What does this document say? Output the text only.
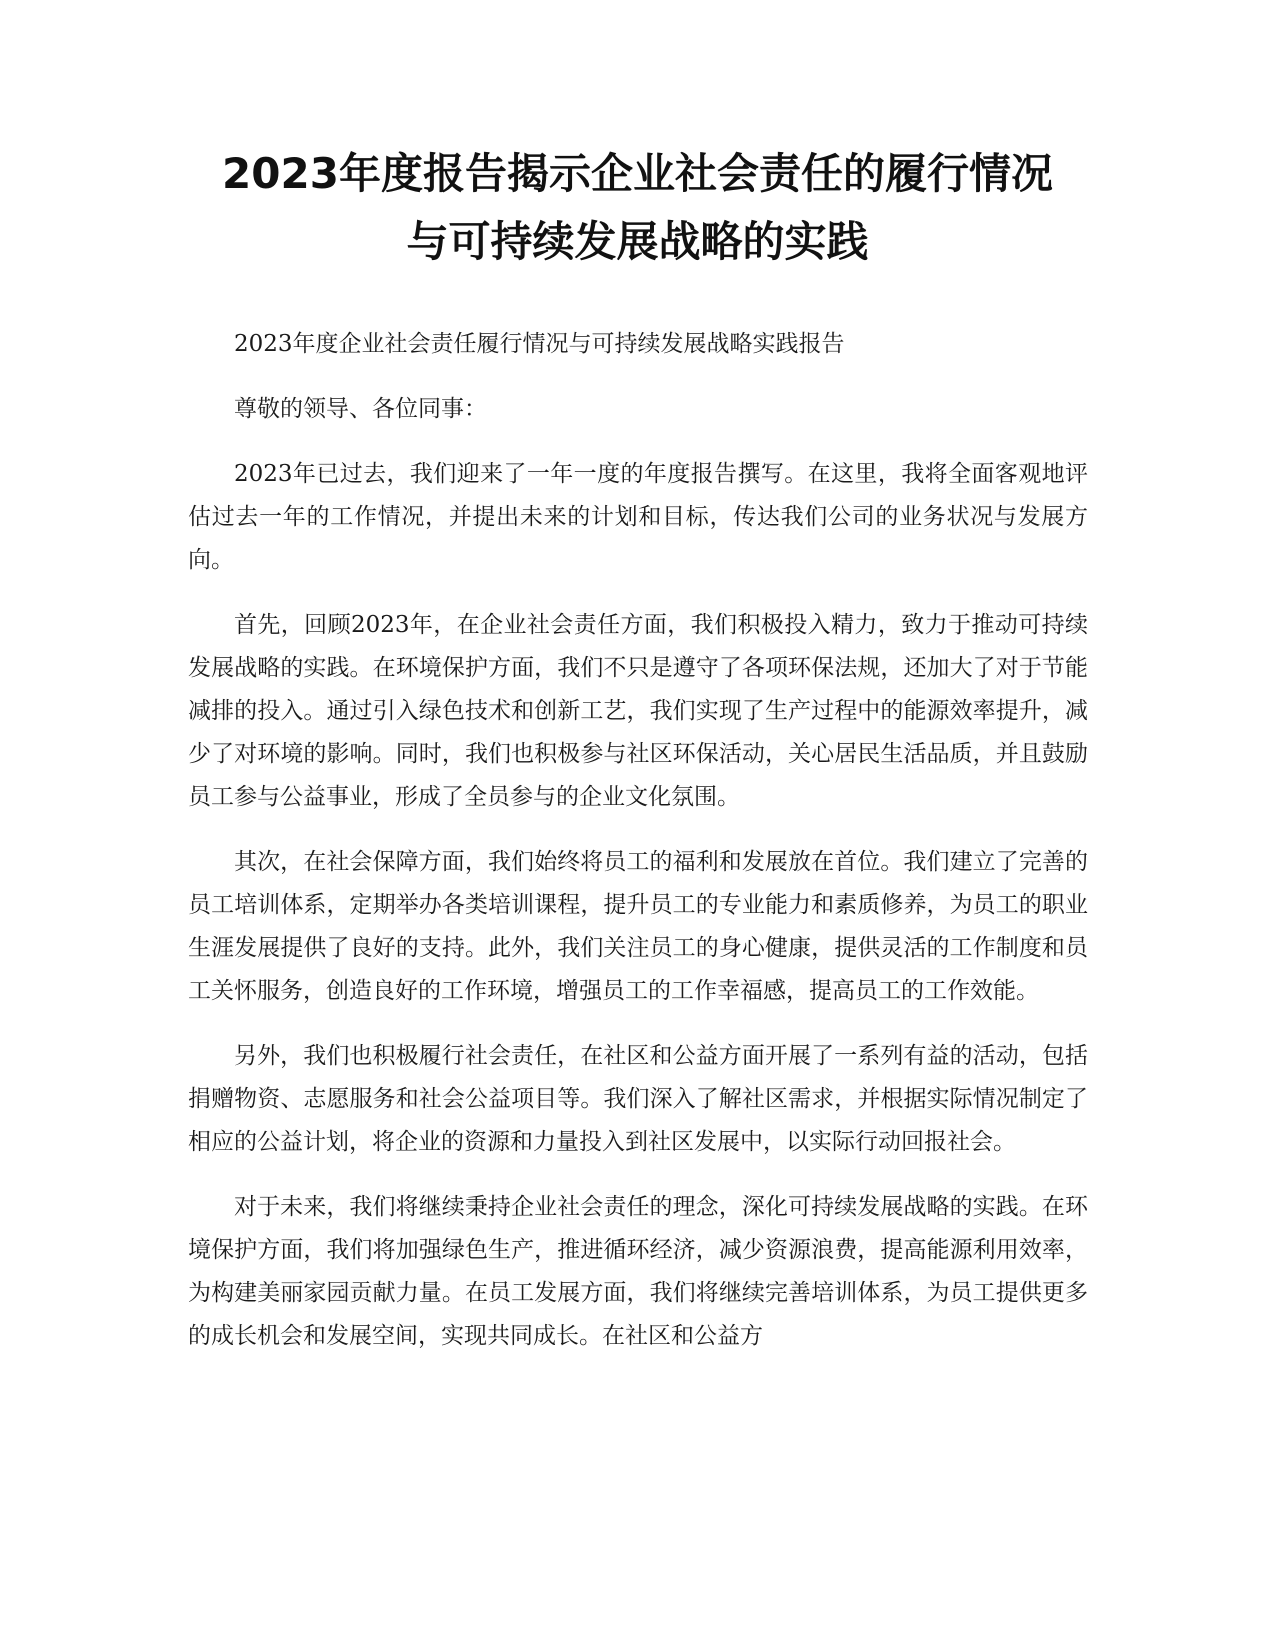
2023年度报告揭示企业社会责任的履行情况
与可持续发展战略的实践

2023年度企业社会责任履行情况与可持续发展战略实践报告

尊敬的领导、各位同事：

2023年已过去，我们迎来了一年一度的年度报告撰写。在这里，我将全面客观地评估过去一年的工作情况，并提出未来的计划和目标，传达我们公司的业务状况与发展方向。

首先，回顾2023年，在企业社会责任方面，我们积极投入精力，致力于推动可持续发展战略的实践。在环境保护方面，我们不只是遵守了各项环保法规，还加大了对于节能减排的投入。通过引入绿色技术和创新工艺，我们实现了生产过程中的能源效率提升，减少了对环境的影响。同时，我们也积极参与社区环保活动，关心居民生活品质，并且鼓励员工参与公益事业，形成了全员参与的企业文化氛围。

其次，在社会保障方面，我们始终将员工的福利和发展放在首位。我们建立了完善的员工培训体系，定期举办各类培训课程，提升员工的专业能力和素质修养，为员工的职业生涯发展提供了良好的支持。此外，我们关注员工的身心健康，提供灵活的工作制度和员工关怀服务，创造良好的工作环境，增强员工的工作幸福感，提高员工的工作效能。

另外，我们也积极履行社会责任，在社区和公益方面开展了一系列有益的活动，包括捐赠物资、志愿服务和社会公益项目等。我们深入了解社区需求，并根据实际情况制定了相应的公益计划，将企业的资源和力量投入到社区发展中，以实际行动回报社会。

对于未来，我们将继续秉持企业社会责任的理念，深化可持续发展战略的实践。在环境保护方面，我们将加强绿色生产，推进循环经济，减少资源浪费，提高能源利用效率，为构建美丽家园贡献力量。在员工发展方面，我们将继续完善培训体系，为员工提供更多的成长机会和发展空间，实现共同成长。在社区和公益方
